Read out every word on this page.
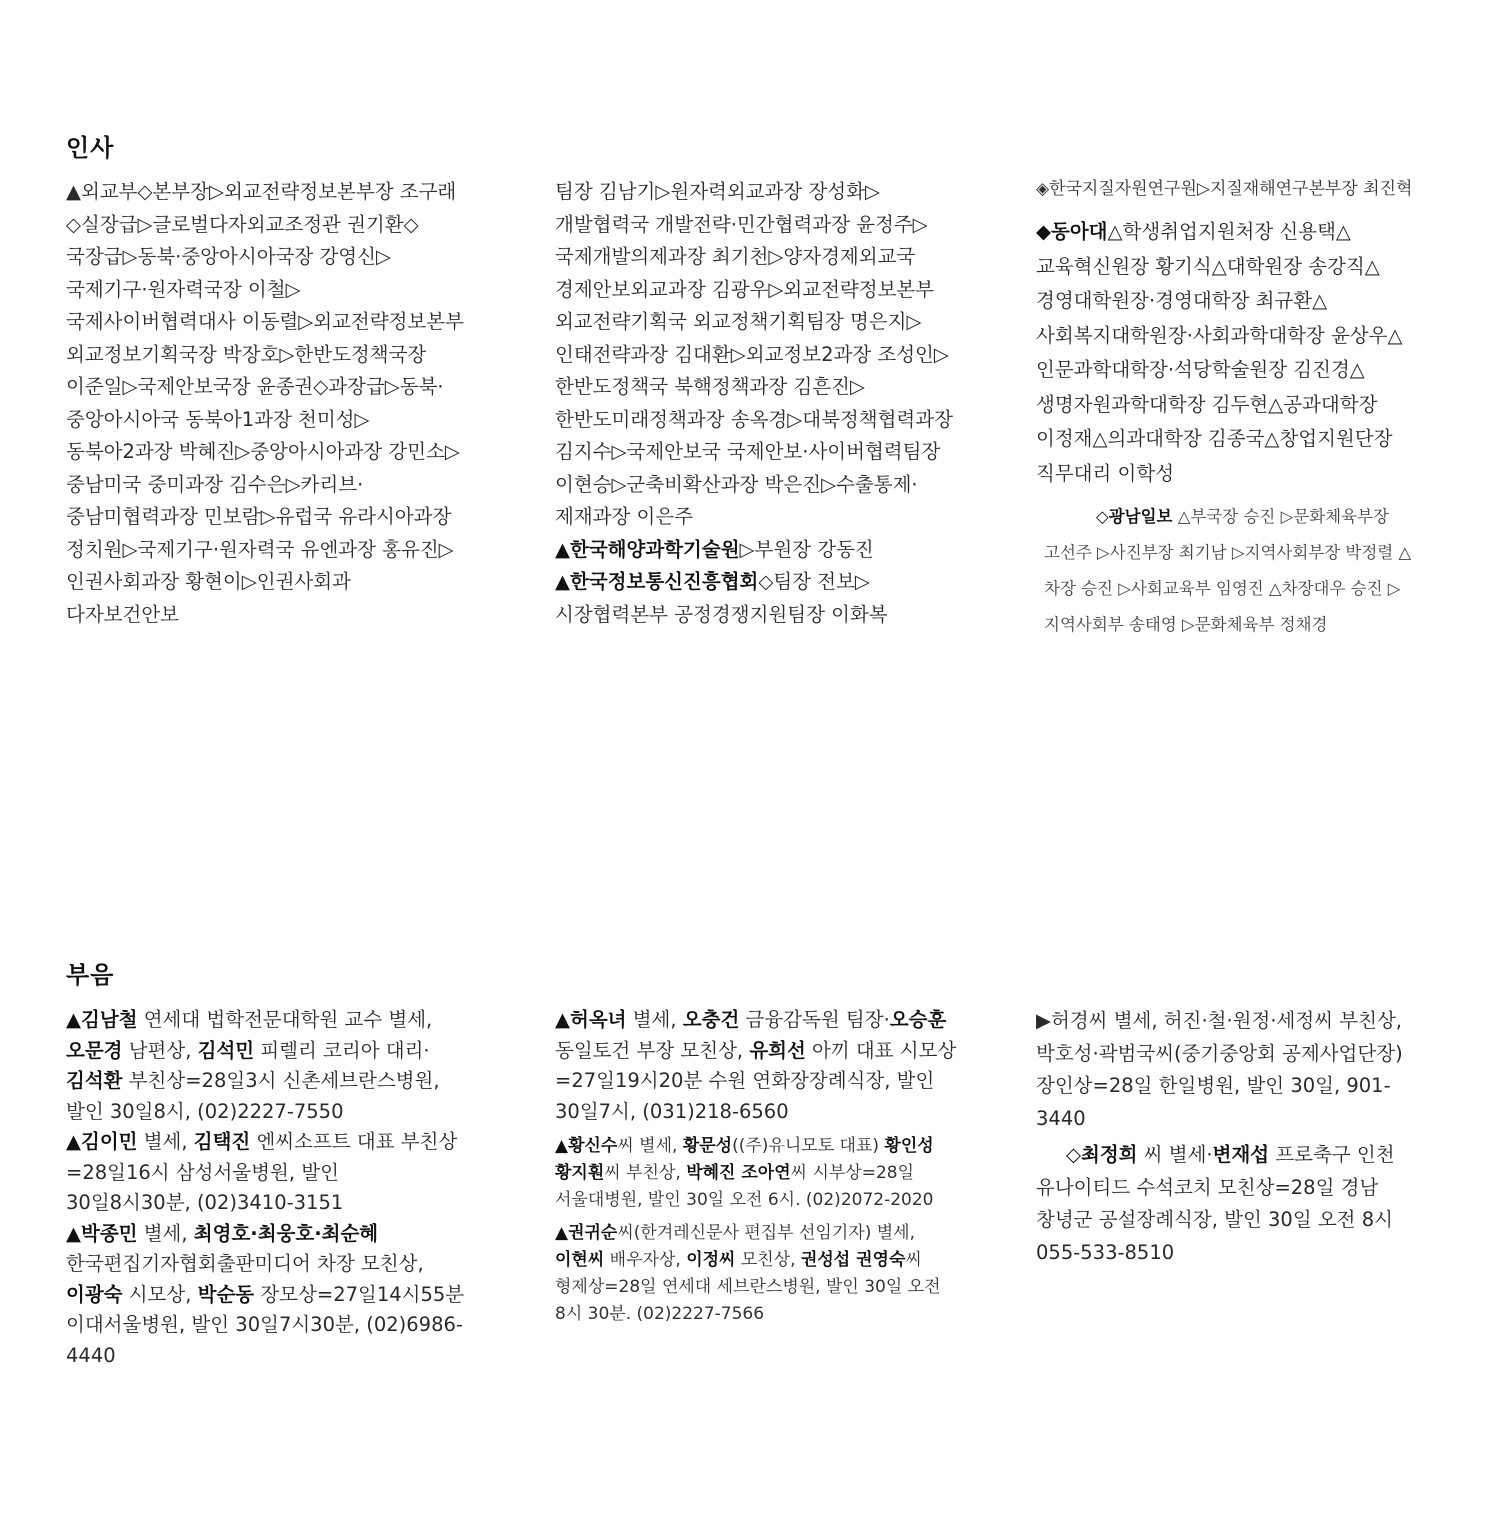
인사

▲외교부◇본부장▷외교전략정보본부장 조구래◇실장급▷글로벌다자외교조정관 권기환◇국장급▷동북·중앙아시아국장 강영신▷국제기구·원자력국장 이철▷국제사이버협력대사 이동렬▷외교전략정보본부 외교정보기획국장 박장호▷한반도정책국장 이준일▷국제안보국장 윤종권◇과장급▷동북·중앙아시아국 동북아1과장 천미성▷동북아2과장 박혜진▷중앙아시아과장 강민소▷중남미국 중미과장 김수은▷카리브·중남미협력과장 민보람▷유럽국 유라시아과장 정치원▷국제기구·원자력국 유엔과장 홍유진▷인권사회과장 황현이▷인권사회과 다자보건안보

팀장 김남기▷원자력외교과장 장성화▷개발협력국 개발전략·민간협력과장 윤정주▷국제개발의제과장 최기천▷양자경제외교국 경제안보외교과장 김광우▷외교전략정보본부 외교전략기획국 외교정책기획팀장 명은지▷인태전략과장 김대환▷외교정보2과장 조성인▷한반도정책국 북핵정책과장 김흔진▷한반도미래정책과장 송옥경▷대북정책협력과장 김지수▷국제안보국 국제안보·사이버협력팀장 이현승▷군축비확산과장 박은진▷수출통제·제재과장 이은주

▲한국해양과학기술원▷부원장 강동진

▲한국정보통신진흥협회◇팀장 전보▷시장협력본부 공정경쟁지원팀장 이화복

◈한국지질자원연구원▷지질재해연구본부장 최진혁

◆동아대△학생취업지원처장 신용택△교육혁신원장 황기식△대학원장 송강직△경영대학원장·경영대학장 최규환△사회복지대학원장·사회과학대학장 윤상우△인문과학대학장·석당학술원장 김진경△생명자원과학대학장 김두현△공과대학장 이정재△의과대학장 김종국△창업지원단장 직무대리 이학성

◇광남일보 △부국장 승진 ▷문화체육부장 고선주 ▷사진부장 최기남 ▷지역사회부장 박정렬 △차장 승진 ▷사회교육부 임영진 △차장대우 승진 ▷지역사회부 송태영 ▷문화체육부 정채경

부음

▲김남철 연세대 법학전문대학원 교수 별세, 오문경 남편상, 김석민 피렐리 코리아 대리·김석환 부친상=28일3시 신촌세브란스병원, 발인 30일8시, (02)2227-7550

▲김이민 별세, 김택진 엔씨소프트 대표 부친상=28일16시 삼성서울병원, 발인 30일8시30분, (02)3410-3151

▲박종민 별세, 최영호·최웅호·최순혜 한국편집기자협회출판미디어 차장 모친상, 이광숙 시모상, 박순동 장모상=27일14시55분 이대서울병원, 발인 30일7시30분, (02)6986-4440

▲허옥녀 별세, 오충건 금융감독원 팀장·오승훈 동일토건 부장 모친상, 유희선 아끼 대표 시모상=27일19시20분 수원 연화장장례식장, 발인 30일7시, (031)218-6560

▲황신수씨 별세, 황문성((주)유니모토 대표) 황인성 황지훤씨 부친상, 박혜진 조아연씨 시부상=28일 서울대병원, 발인 30일 오전 6시. (02)2072-2020

▲권귀순씨(한겨레신문사 편집부 선임기자) 별세, 이현씨 배우자상, 이정씨 모친상, 권성섭 권영숙씨 형제상=28일 연세대 세브란스병원, 발인 30일 오전 8시 30분. (02)2227-7566

▶허경씨 별세, 허진·철·원정·세정씨 부친상, 박호성·곽범국씨(중기중앙회 공제사업단장) 장인상=28일 한일병원, 발인 30일, 901-3440

◇최정희 씨 별세·변재섭 프로축구 인천 유나이티드 수석코치 모친상=28일 경남 창녕군 공설장례식장, 발인 30일 오전 8시 055-533-8510
